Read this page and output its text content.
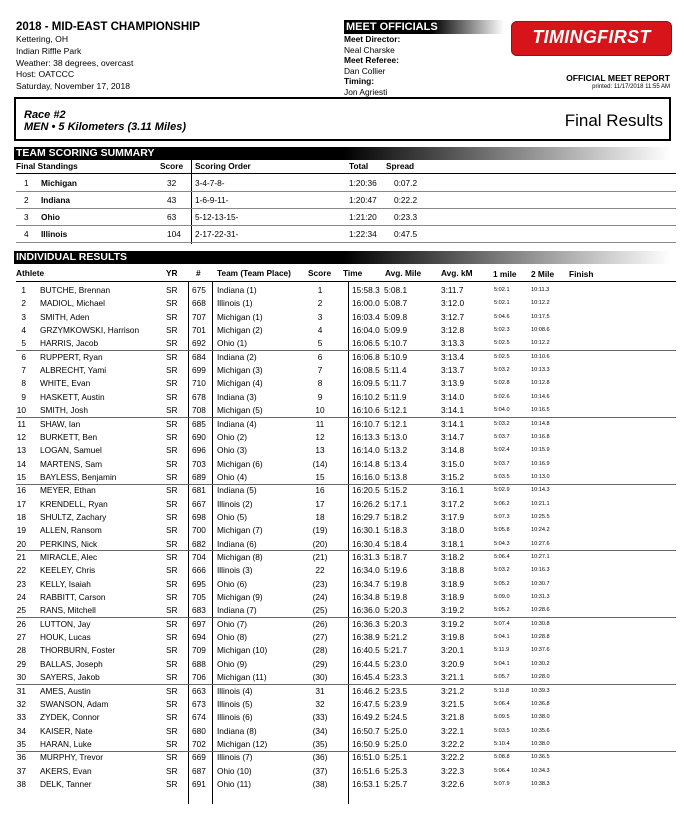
2018 - MID-EAST CHAMPIONSHIP
Kettering, OH
Indian Riffle Park
Weather: 38 degrees, overcast
Host: OATCCC
Saturday, November 17, 2018
MEET OFFICIALS
Meet Director:
Neal Charske
Meet Referee:
Dan Collier
Timing:
Jon Agriesti
TIMINGFIRST
OFFICIAL MEET REPORT
printed: 11/17/2018 11:55 AM
Race #2
MEN • 5 Kilometers (3.11 Miles)	Final Results
TEAM SCORING SUMMARY
Final Standings	Score Scoring Order	Total Spread
1 Michigan	32 3-4-7-8-	1:20:36 0:07.2
2 Indiana	43 1-6-9-11-	1:20:47 0:22.2
3 Ohio	63 5-12-13-15-	1:21:20 0:23.3
4 Illinois	104 2-17-22-31-	1:22:34 0:47.5
INDIVIDUAL RESULTS
Athlete	YR # Team (Team Place) Score Time	Avg. Mile Avg. kM 1 mile 2 Mile Finish
1 BUTCHE, Brennan	SR 675 Indiana (1)	1	15:58.3 5:08.1	3:11.7	5:02.1	10:11.3
2 MADIOL, Michael	SR 668 Illinois (1)	2	16:00.0 5:08.7	3:12.0	5:02.1	10:12.2
3 SMITH, Aden	SR 707 Michigan (1)	3	16:03.4 5:09.8	3:12.7	5:04.6	10:17.5
4 GRZYMKOWSKI, Harrison	SR 701 Michigan (2)	4	16:04.0 5:09.9	3:12.8	5:02.3	10:08.6
5 HARRIS, Jacob	SR 692 Ohio (1)	5	16:06.5 5:10.7	3:13.3	5:02.5	10:12.2
6 RUPPERT, Ryan	SR 684 Indiana (2)	6	16:06.8 5:10.9	3:13.4	5:02.5	10:10.6
7 ALBRECHT, Yami	SR 699 Michigan (3)	7	16:08.5 5:11.4	3:13.7	5:03.2	10:13.3
8 WHITE, Evan	SR 710 Michigan (4)	8	16:09.5 5:11.7	3:13.9	5:02.8	10:12.8
9 HASKETT, Austin	SR 678 Indiana (3)	9	16:10.2 5:11.9	3:14.0	5:02.6	10:14.6
10 SMITH, Josh	SR 708 Michigan (5)	10	16:10.6 5:12.1	3:14.1	5:04.0	10:16.5
11 SHAW, Ian	SR 685 Indiana (4)	11	16:10.7 5:12.1	3:14.1	5:03.2	10:14.8
12 BURKETT, Ben	SR 690 Ohio (2)	12	16:13.3 5:13.0	3:14.7	5:03.7	10:16.8
13 LOGAN, Samuel	SR 696 Ohio (3)	13	16:14.0 5:13.2	3:14.8	5:02.4	10:15.9
14 MARTENS, Sam	SR 703 Michigan (6)	(14)	16:14.8 5:13.4	3:15.0	5:03.7	10:16.9
15 BAYLESS, Benjamin	SR 689 Ohio (4)	15	16:16.0 5:13.8	3:15.2	5:03.5	10:13.0
16 MEYER, Ethan	SR 681 Indiana (5)	16	16:20.5 5:15.2	3:16.1	5:02.9	10:14.3
17 KRENDELL, Ryan	SR 667 Illinois (2)	17	16:26.2 5:17.1	3:17.2	5:06.2	10:21.1
18 SHULTZ, Zachary	SR 698 Ohio (5)	18	16:29.7 5:18.2	3:17.9	5:07.3	10:25.5
19 ALLEN, Ransom	SR 700 Michigan (7)	(19)	16:30.1 5:18.3	3:18.0	5:05.8	10:24.2
20 PERKINS, Nick	SR 682 Indiana (6)	(20)	16:30.4 5:18.4	3:18.1	5:04.3	10:27.6
21 MIRACLE, Alec	SR 704 Michigan (8)	(21)	16:31.3 5:18.7	3:18.2	5:06.4	10:27.1
22 KEELEY, Chris	SR 666 Illinois (3)	22	16:34.0 5:19.6	3:18.8	5:03.2	10:16.3
23 KELLY, Isaiah	SR 695 Ohio (6)	(23)	16:34.7 5:19.8	3:18.9	5:05.2	10:30.7
24 RABBITT, Carson	SR 705 Michigan (9)	(24)	16:34.8 5:19.8	3:18.9	5:09.0	10:31.3
25 RANS, Mitchell	SR 683 Indiana (7)	(25)	16:36.0 5:20.3	3:19.2	5:05.2	10:28.6
26 LUTTON, Jay	SR 697 Ohio (7)	(26)	16:36.3 5:20.3	3:19.2	5:07.4	10:30.8
27 HOUK, Lucas	SR 694 Ohio (8)	(27)	16:38.9 5:21.2	3:19.8	5:04.1	10:28.8
28 THORBURN, Foster	SR 709 Michigan (10)	(28)	16:40.5 5:21.7	3:20.1	5:11.9	10:37.6
29 BALLAS, Joseph	SR 688 Ohio (9)	(29)	16:44.5 5:23.0	3:20.9	5:04.1	10:30.2
30 SAYERS, Jakob	SR 706 Michigan (11)	(30)	16:45.4 5:23.3	3:21.1	5:05.7	10:28.0
31 AMES, Austin	SR 663 Illinois (4)	31	16:46.2 5:23.5	3:21.2	5:11.8	10:39.3
32 SWANSON, Adam	SR 673 Illinois (5)	32	16:47.5 5:23.9	3:21.5	5:06.4	10:36.8
33 ZYDEK, Connor	SR 674 Illinois (6)	(33)	16:49.2 5:24.5	3:21.8	5:09.5	10:38.0
34 KAISER, Nate	SR 680 Indiana (8)	(34)	16:50.7 5:25.0	3:22.1	5:03.5	10:35.6
35 HARAN, Luke	SR 702 Michigan (12)	(35)	16:50.9 5:25.0	3:22.2	5:10.4	10:38.0
36 MURPHY, Trevor	SR 669 Illinois (7)	(36)	16:51.0 5:25.1	3:22.2	5:08.8	10:36.5
37 AKERS, Evan	SR 687 Ohio (10)	(37)	16:51.6 5:25.3	3:22.3	5:06.4	10:34.3
38 DELK, Tanner	SR 691 Ohio (11)	(38)	16:53.1 5:25.7	3:22.6	5:07.9	10:38.3
